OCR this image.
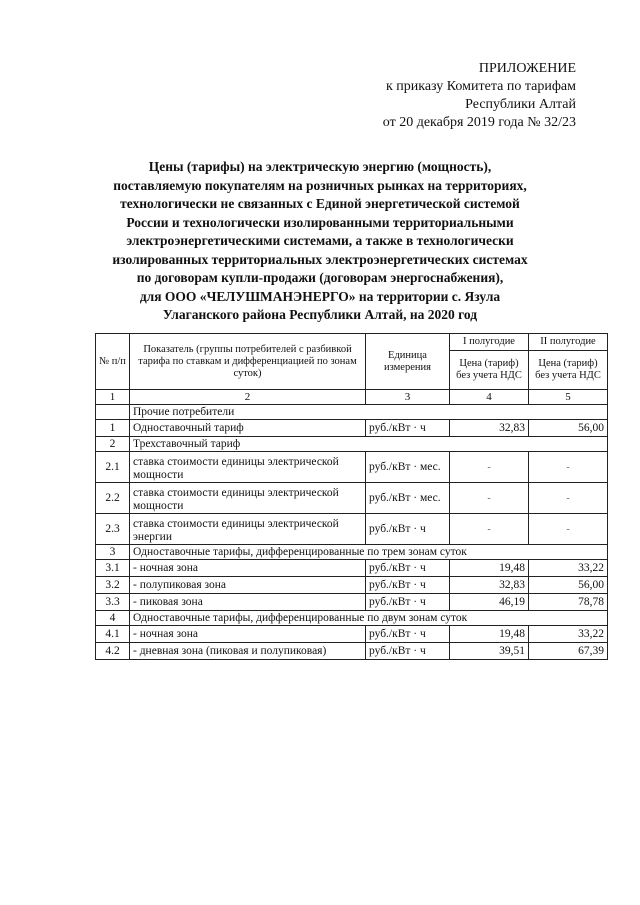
ПРИЛОЖЕНИЕ
к приказу Комитета по тарифам
Республики Алтай
от 20 декабря 2019 года № 32/23
Цены (тарифы) на электрическую энергию (мощность),
поставляемую покупателям на розничных рынках на территориях,
технологически не связанных с Единой энергетической системой
России и технологически изолированными территориальными
электроэнергетическими системами, а также в технологически
изолированных территориальных электроэнергетических системах
по договорам купли-продажи (договорам энергоснабжения),
для ООО «ЧЕЛУШМАНЭНЕРГО» на территории с. Язула
Улаганского района Республики Алтай, на 2020 год
№ п/п	Показатель (группы потребителей с разбивкой тарифа по ставкам и дифференциацией по зонам суток)	Единица измерения	I полугодие	II полугодие
			Цена (тариф) без учета НДС	Цена (тариф) без учета НДС
1	2	3	4	5
	Прочие потребители			
1	Одноставочный тариф	руб./кВт · ч	32,83	56,00
2	Трехставочный тариф			
2.1	ставка стоимости единицы электрической мощности	руб./кВт · мес.	-	-
2.2	ставка стоимости единицы электрической мощности	руб./кВт · мес.	-	-
2.3	ставка стоимости единицы электрической энергии	руб./кВт · ч	-	-
3	Одноставочные тарифы, дифференцированные по трем зонам суток			
3.1	- ночная зона	руб./кВт · ч	19,48	33,22
3.2	- полупиковая зона	руб./кВт · ч	32,83	56,00
3.3	- пиковая зона	руб./кВт · ч	46,19	78,78
4	Одноставочные тарифы, дифференцированные по двум зонам суток			
4.1	- ночная зона	руб./кВт · ч	19,48	33,22
4.2	- дневная зона (пиковая и полупиковая)	руб./кВт · ч	39,51	67,39
